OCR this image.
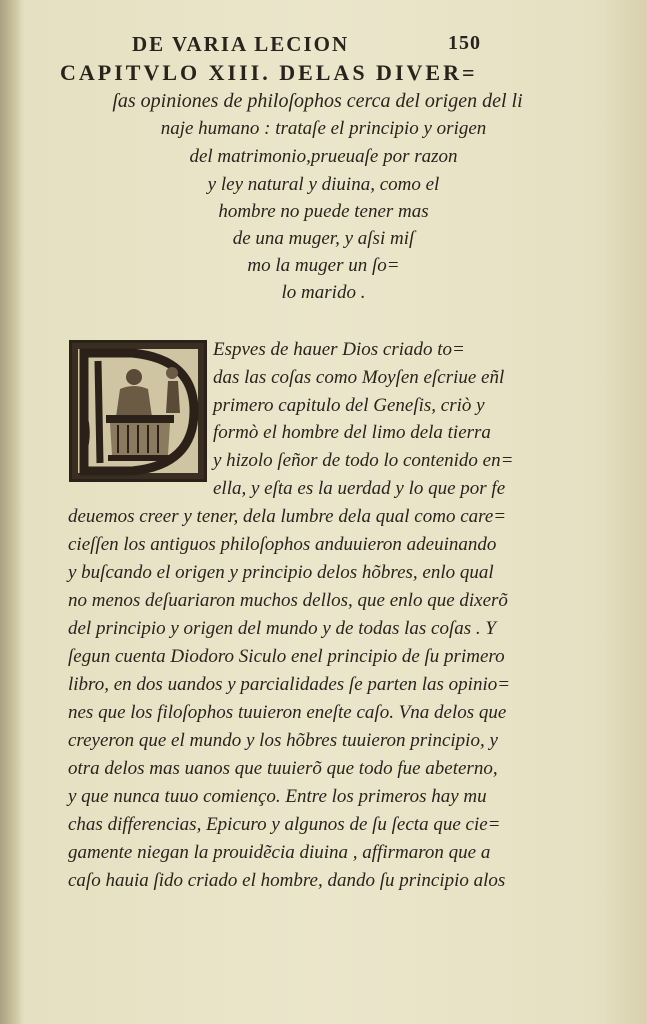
DE VARIA LECION	150
CAPITVLO XIII. DELAS DIVER=
ſas opiniones de philoſophos cerca del origen del li
naje humano : trataſe el principio y origen
del matrimonio,prueuaſe por razon
y ley natural y diuina, como el
hombre no puede tener mas
de una muger, y aſsi miſ
mo la muger un ſo=
lo marido .
Espves de hauer Dios criado to=
das las coſas como Moyſen eſcriue eñl
primero capitulo del Geneſis, criò y
formò el hombre del limo dela tierra
y hizolo ſeñor de todo lo contenido en=
ella, y eſta es la uerdad y lo que por fe
deuemos creer y tener, dela lumbre dela qual como care=
cieſſen los antiguos philoſophos anduuieron adeuinando
y buſcando el origen y principio delos hõbres, enlo qual
no menos deſuariaron muchos dellos, que enlo que dixerõ
del principio y origen del mundo y de todas las coſas . Y
ſegun cuenta Diodoro Siculo enel principio de ſu primero
libro, en dos uandos y parcialidades ſe parten las opinio=
nes que los filoſophos tuuieron eneſte caſo. Vna delos que
creyeron que el mundo y los hõbres tuuieron principio, y
otra delos mas uanos que tuuierõ que todo fue abeterno,
y que nunca tuuo comienço. Entre los primeros hay mu
chas differencias, Epicuro y algunos de ſu ſecta que cie=
gamente niegan la prouidẽcia diuina , affirmaron que a
caſo hauia ſido criado el hombre, dando ſu principio alos
